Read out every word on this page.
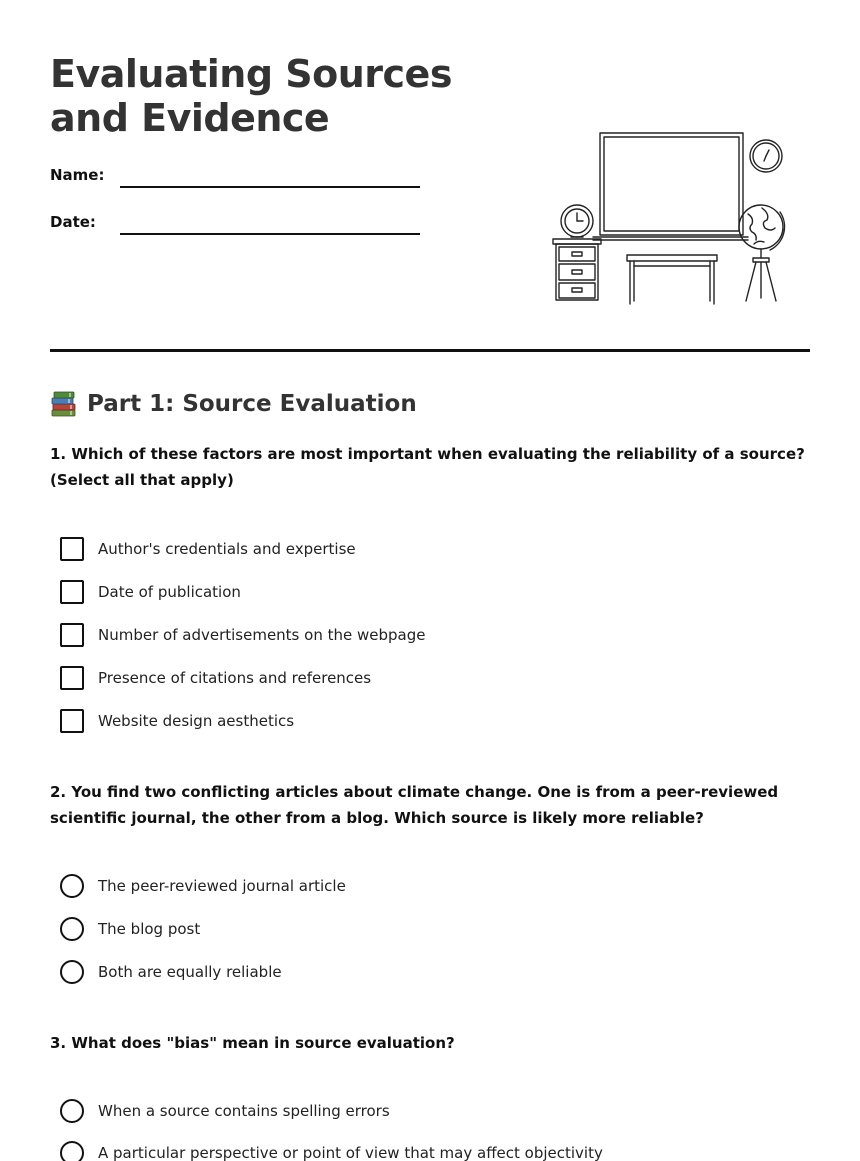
Evaluating Sources and Evidence
Name:
Date:
Part 1: Source Evaluation
1. Which of these factors are most important when evaluating the reliability of a source? (Select all that apply)
Author's credentials and expertise
Date of publication
Number of advertisements on the webpage
Presence of citations and references
Website design aesthetics
2. You find two conflicting articles about climate change. One is from a peer-reviewed scientific journal, the other from a blog. Which source is likely more reliable?
The peer-reviewed journal article
The blog post
Both are equally reliable
3. What does "bias" mean in source evaluation?
When a source contains spelling errors
A particular perspective or point of view that may affect objectivity
